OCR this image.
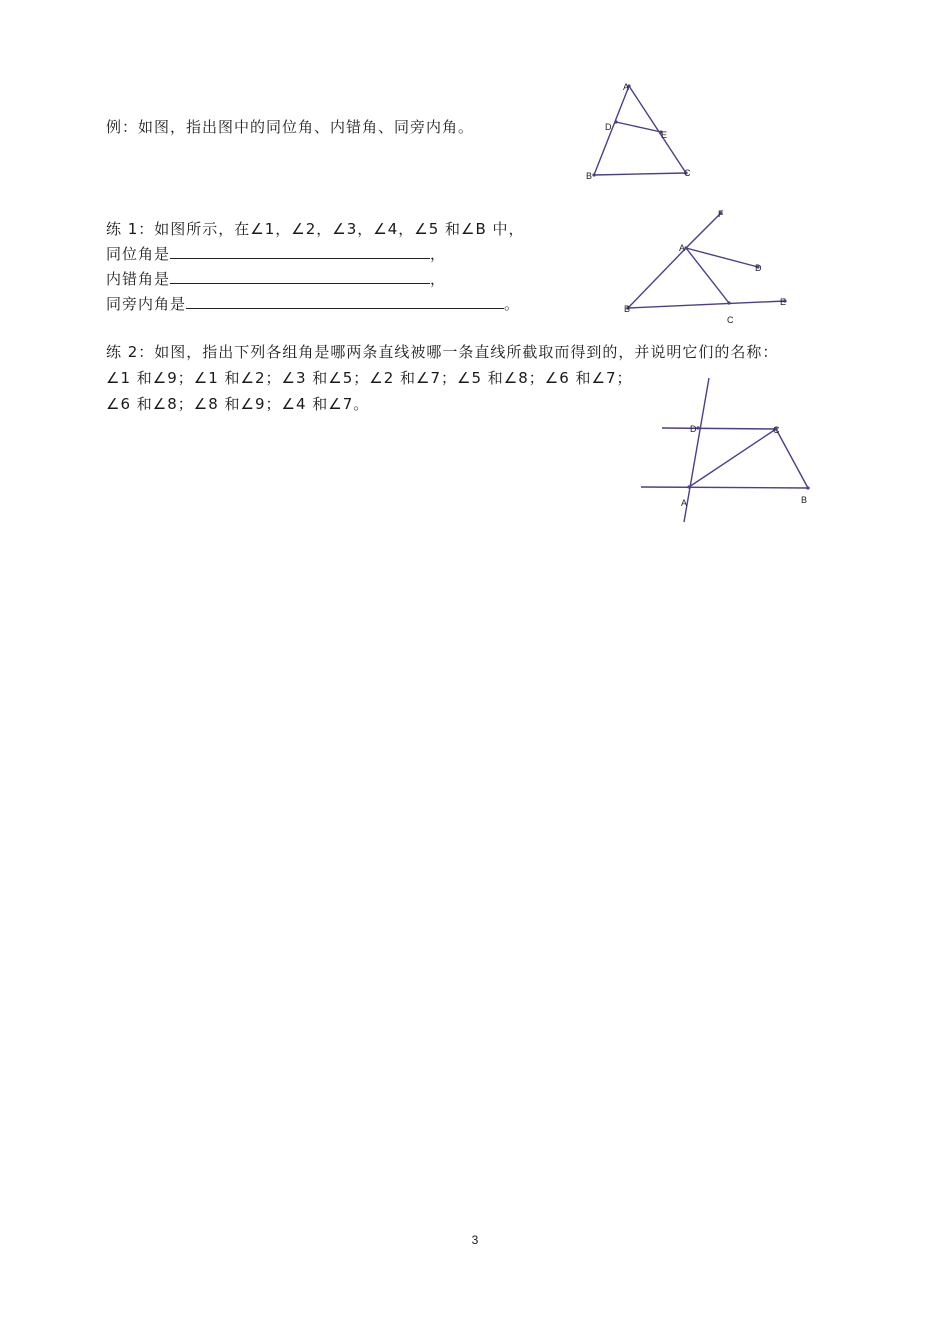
例：如图，指出图中的同位角、内错角、同旁内角。
A
B	C
D
E
练 1：如图所示，在∠1，∠2，∠3，∠4，∠5 和∠B 中，
同位角是	，
内错角是	，
同旁内角是	。
F
A
B
D
C
E
练 2：如图，指出下列各组角是哪两条直线被哪一条直线所截取而得到的，并说明它们的名称：
∠1 和∠9；∠1 和∠2；∠3 和∠5；∠2 和∠7；∠5 和∠8；∠6 和∠7；
∠6 和∠8；∠8 和∠9；∠4 和∠7。
D	C
A	B
3
